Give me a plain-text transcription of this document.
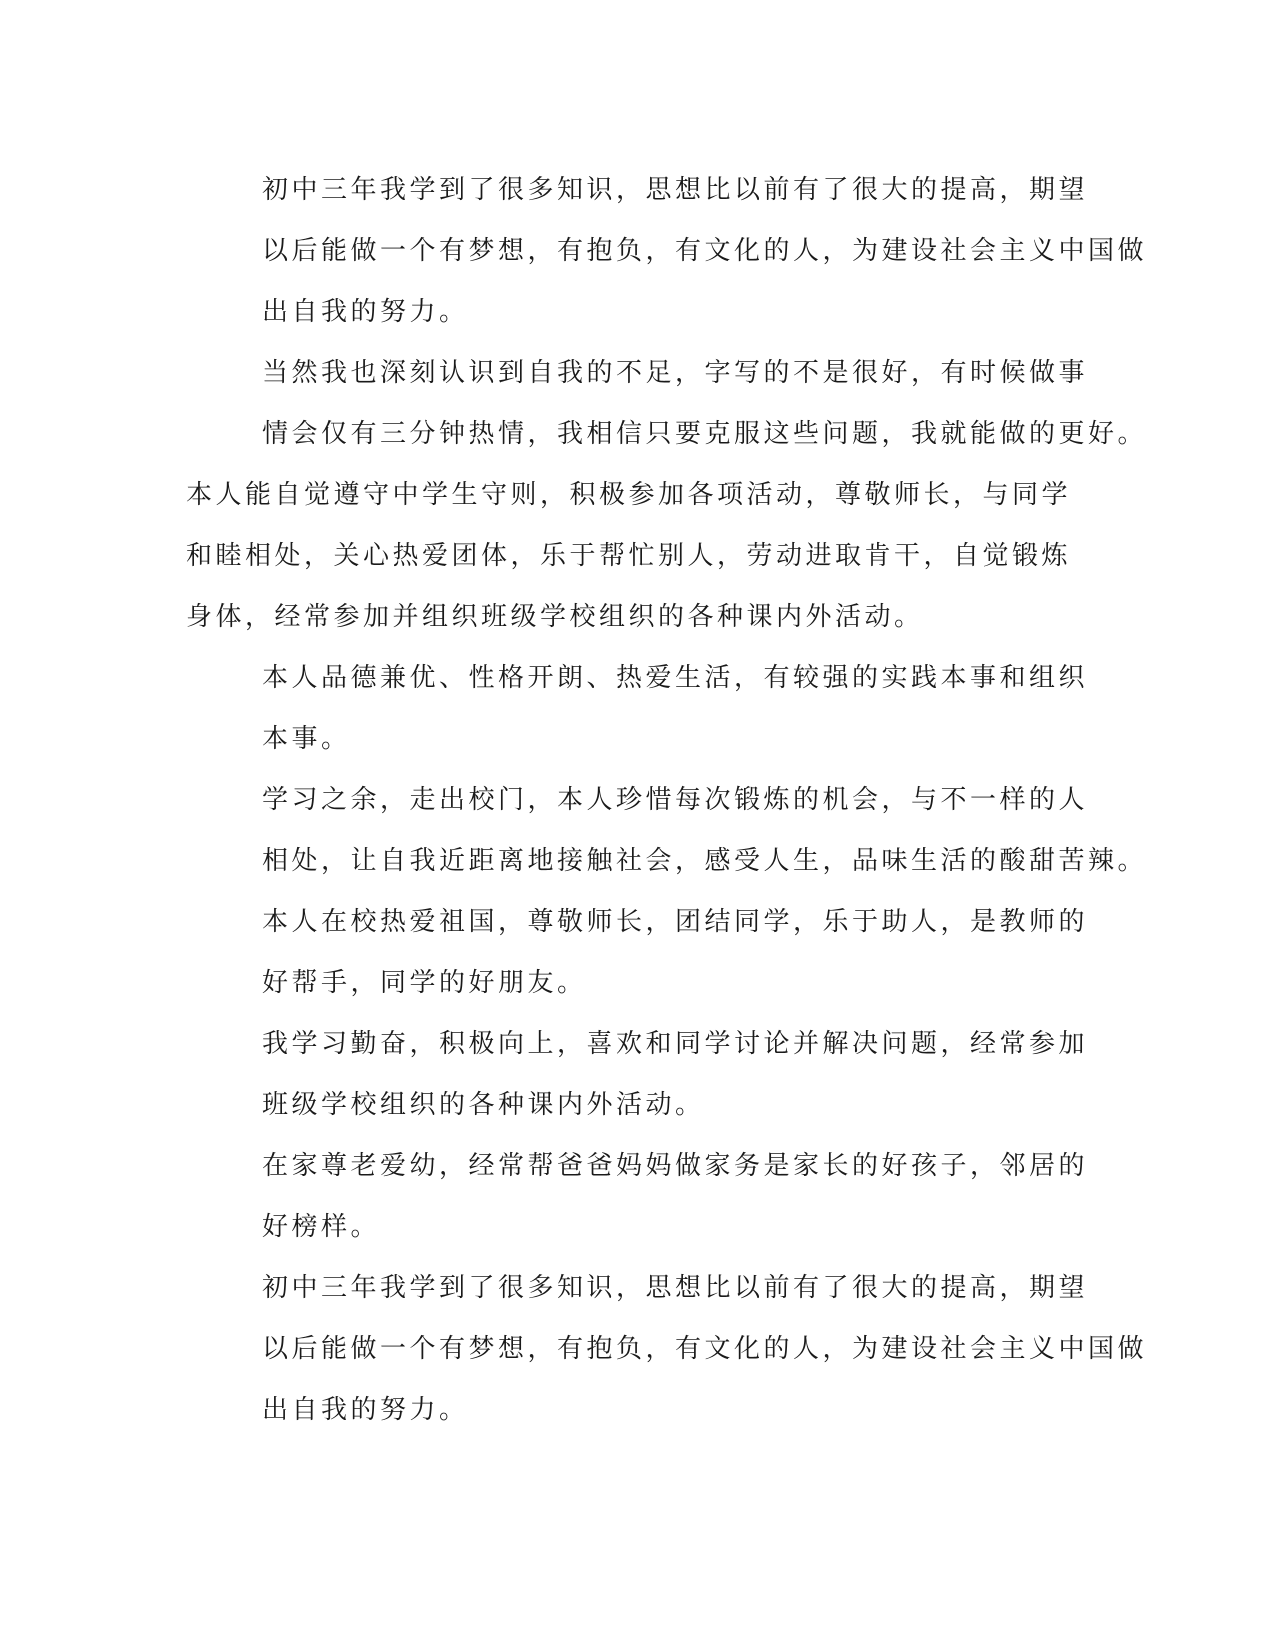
初中三年我学到了很多知识，思想比以前有了很大的提高，期望
以后能做一个有梦想，有抱负，有文化的人，为建设社会主义中国做
出自我的努力。

当然我也深刻认识到自我的不足，字写的不是很好，有时候做事
情会仅有三分钟热情，我相信只要克服这些问题，我就能做的更好。

本人能自觉遵守中学生守则，积极参加各项活动，尊敬师长，与同学
和睦相处，关心热爱团体，乐于帮忙别人，劳动进取肯干，自觉锻炼
身体，经常参加并组织班级学校组织的各种课内外活动。

本人品德兼优、性格开朗、热爱生活，有较强的实践本事和组织
本事。

学习之余，走出校门，本人珍惜每次锻炼的机会，与不一样的人
相处，让自我近距离地接触社会，感受人生，品味生活的酸甜苦辣。

本人在校热爱祖国，尊敬师长，团结同学，乐于助人，是教师的
好帮手，同学的好朋友。

我学习勤奋，积极向上，喜欢和同学讨论并解决问题，经常参加
班级学校组织的各种课内外活动。

在家尊老爱幼，经常帮爸爸妈妈做家务是家长的好孩子，邻居的
好榜样。

初中三年我学到了很多知识，思想比以前有了很大的提高，期望
以后能做一个有梦想，有抱负，有文化的人，为建设社会主义中国做
出自我的努力。
